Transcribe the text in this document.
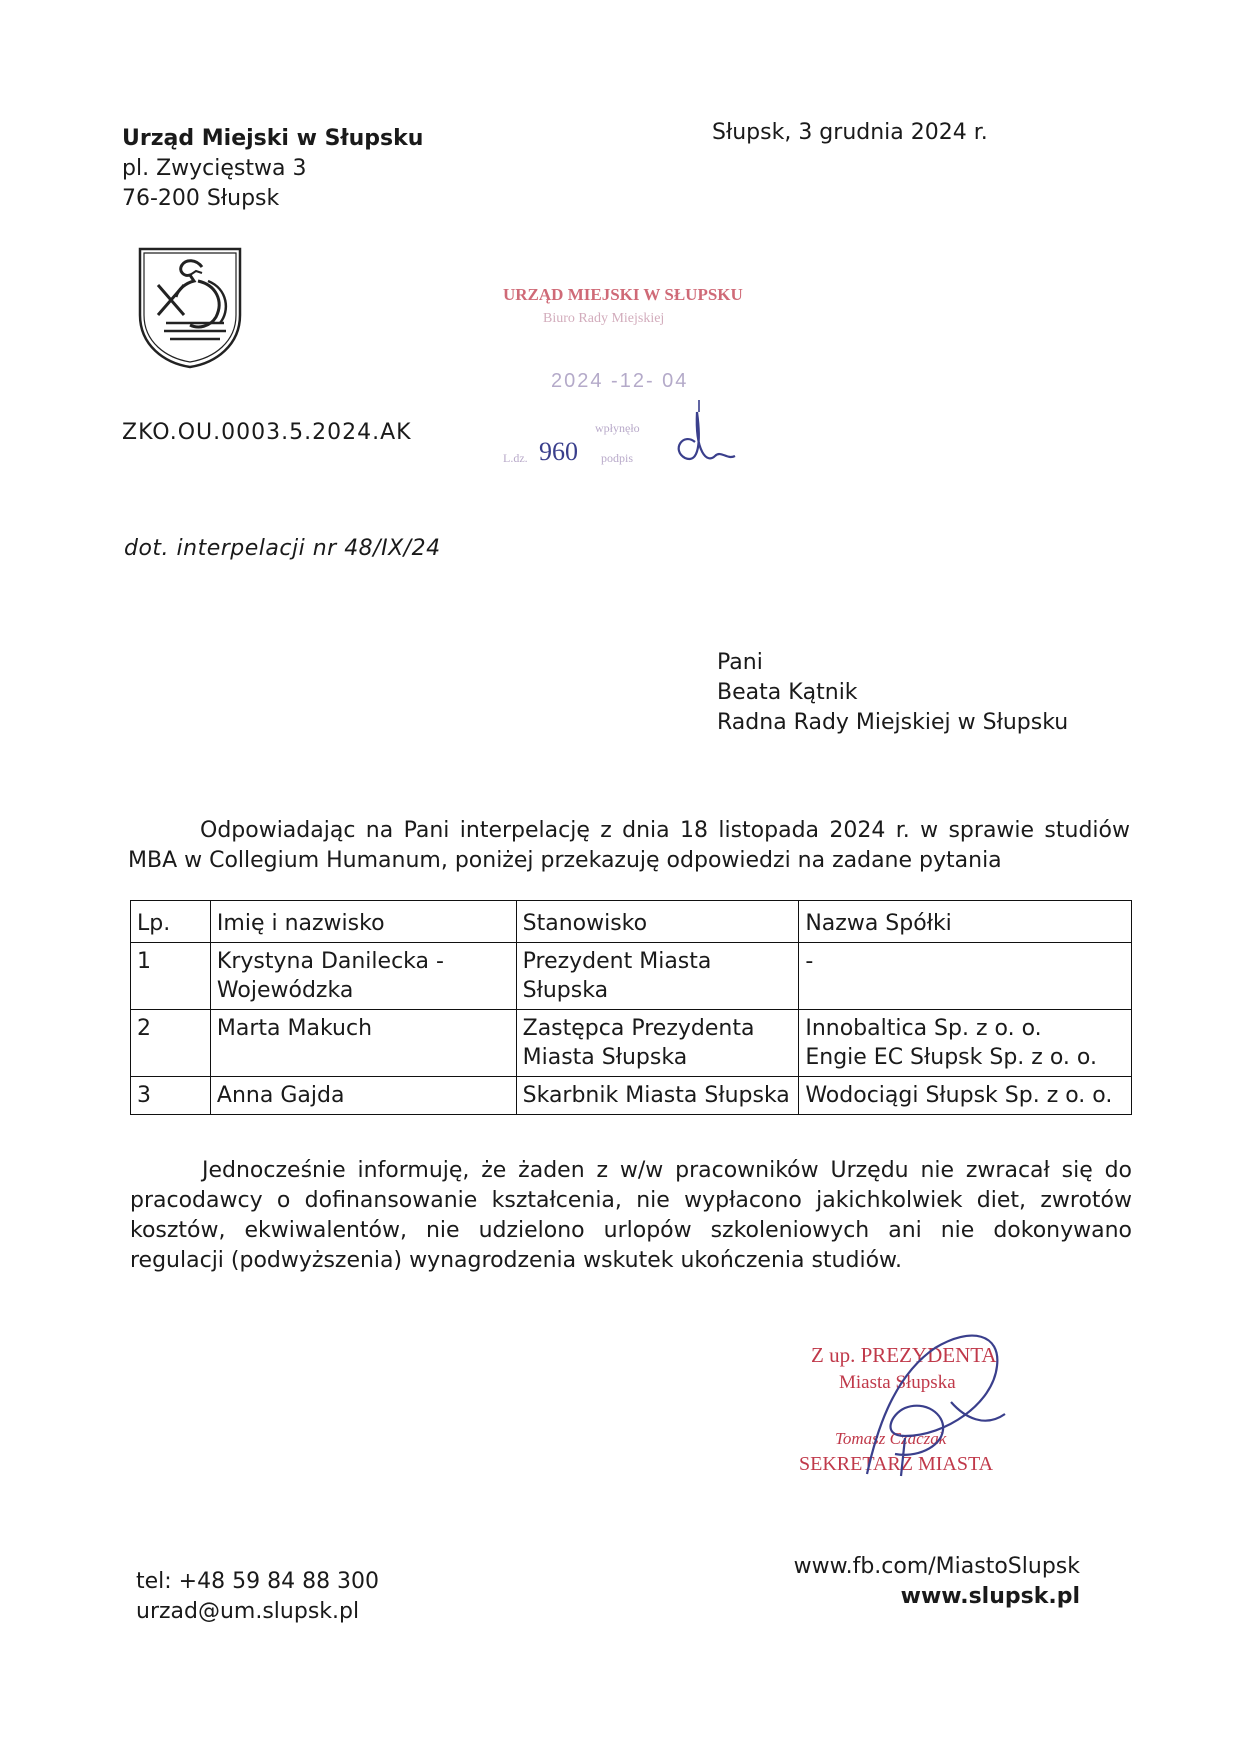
Urząd Miejski w Słupsku
pl. Zwycięstwa 3
76-200 Słupsk
Słupsk, 3 grudnia 2024 r.
ZKO.OU.0003.5.2024.AK
URZĄD MIEJSKI W SŁUPSKU
Biuro Rady Miejskiej
2024 -12- 04
L.dz. 960
wpłynęło
podpis
dot. interpelacji nr 48/IX/24
Pani
Beata Kątnik
Radna Rady Miejskiej w Słupsku
Odpowiadając na Pani interpelację z dnia 18 listopada 2024 r. w sprawie studiów MBA w Collegium Humanum, poniżej przekazuję odpowiedzi na zadane pytania
Lp.	Imię i nazwisko	Stanowisko	Nazwa Spółki
1	Krystyna Danilecka - Wojewódzka	Prezydent Miasta Słupska	-

2	Marta Makuch	Zastępca Prezydenta Miasta Słupska	Innobaltica Sp. z o. o.
Engie EC Słupsk Sp. z o. o.

3	Anna Gajda	Skarbnik Miasta Słupska	Wodociągi Słupsk Sp. z o. o.
Jednocześnie informuję, że żaden z w/w pracowników Urzędu nie zwracał się do pracodawcy o dofinansowanie kształcenia, nie wypłacono jakichkolwiek diet, zwrotów kosztów, ekwiwalentów, nie udzielono urlopów szkoleniowych ani nie dokonywano regulacji (podwyższenia) wynagrodzenia wskutek ukończenia studiów.
Z up. PREZYDENTA
Miasta Słupska
Tomasz Czaczak
SEKRETARZ MIASTA
tel: +48 59 84 88 300
urzad@um.slupsk.pl
www.fb.com/MiastoSlupsk
www.slupsk.pl
